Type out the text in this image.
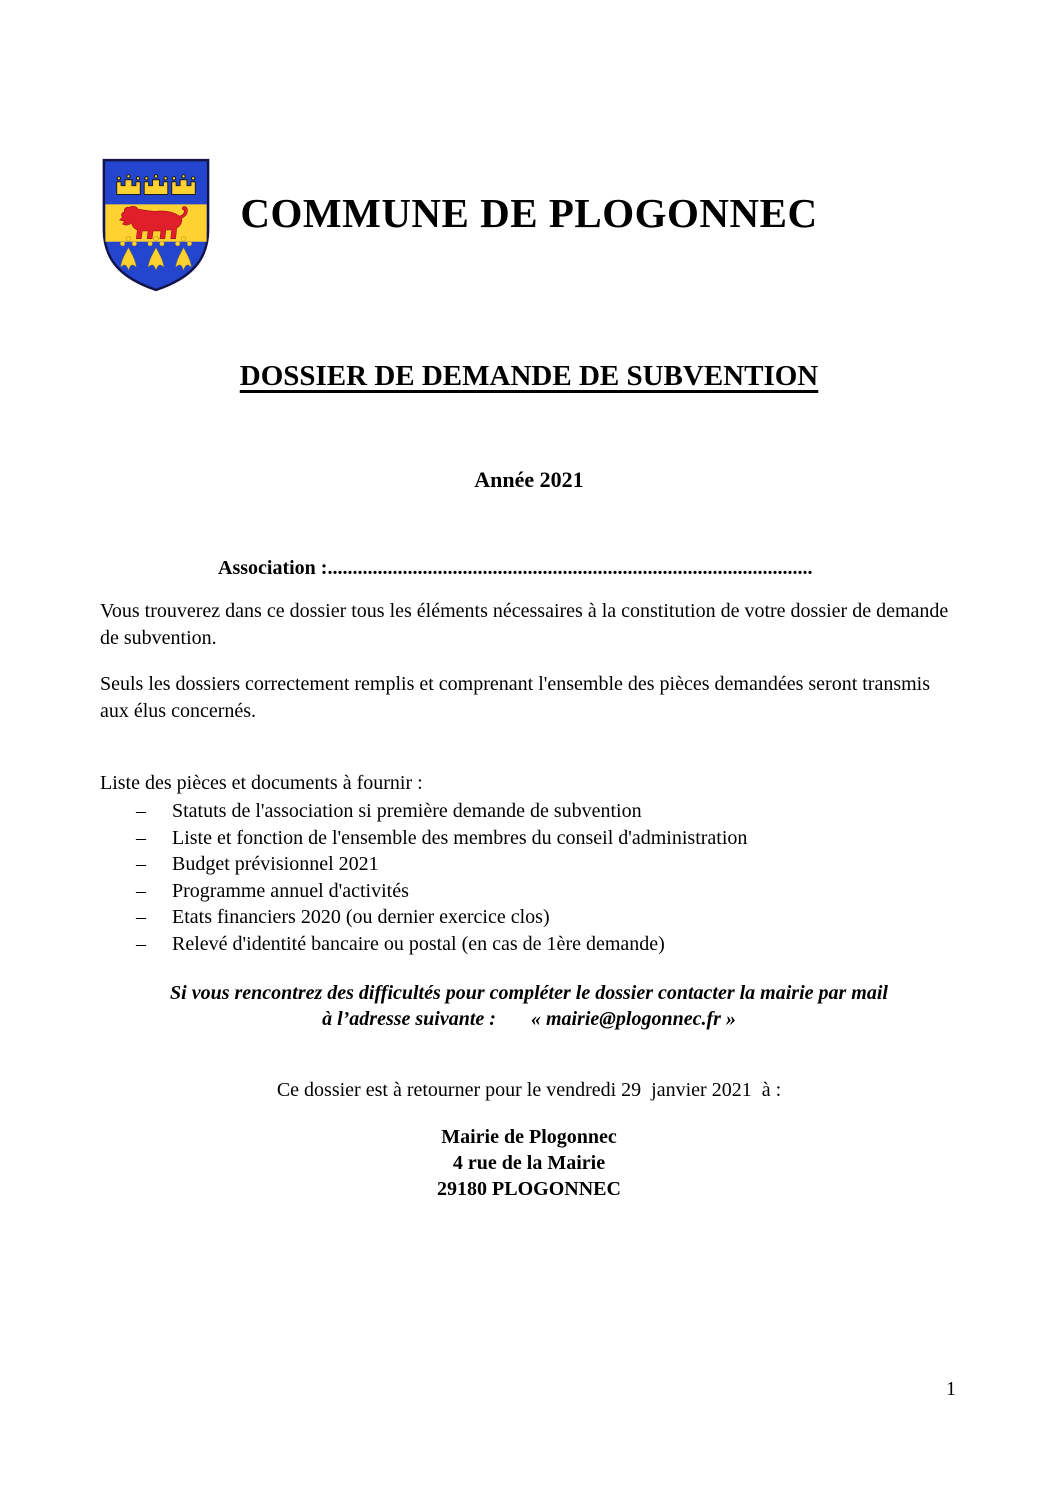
COMMUNE DE PLOGONNEC
DOSSIER DE DEMANDE DE SUBVENTION
Année 2021
Association :.................................................................................................

Vous trouverez dans ce dossier tous les éléments nécessaires à la constitution de votre dossier de demande de subvention.

Seuls les dossiers correctement remplis et comprenant l'ensemble des pièces demandées seront transmis aux élus concernés.

Liste des pièces et documents à fournir :
–	Statuts de l'association si première demande de subvention
–	Liste et fonction de l'ensemble des membres du conseil d'administration
–	Budget prévisionnel 2021
–	Programme annuel d'activités
–	Etats financiers 2020 (ou dernier exercice clos)
–	Relevé d'identité bancaire ou postal (en cas de 1ère demande)
Si vous rencontrez des difficultés pour compléter le dossier contacter la mairie par mail
à l’adresse suivante :       « mairie@plogonnec.fr »
Ce dossier est à retourner pour le vendredi 29  janvier 2021  à :
Mairie de Plogonnec
4 rue de la Mairie
29180 PLOGONNEC
1
